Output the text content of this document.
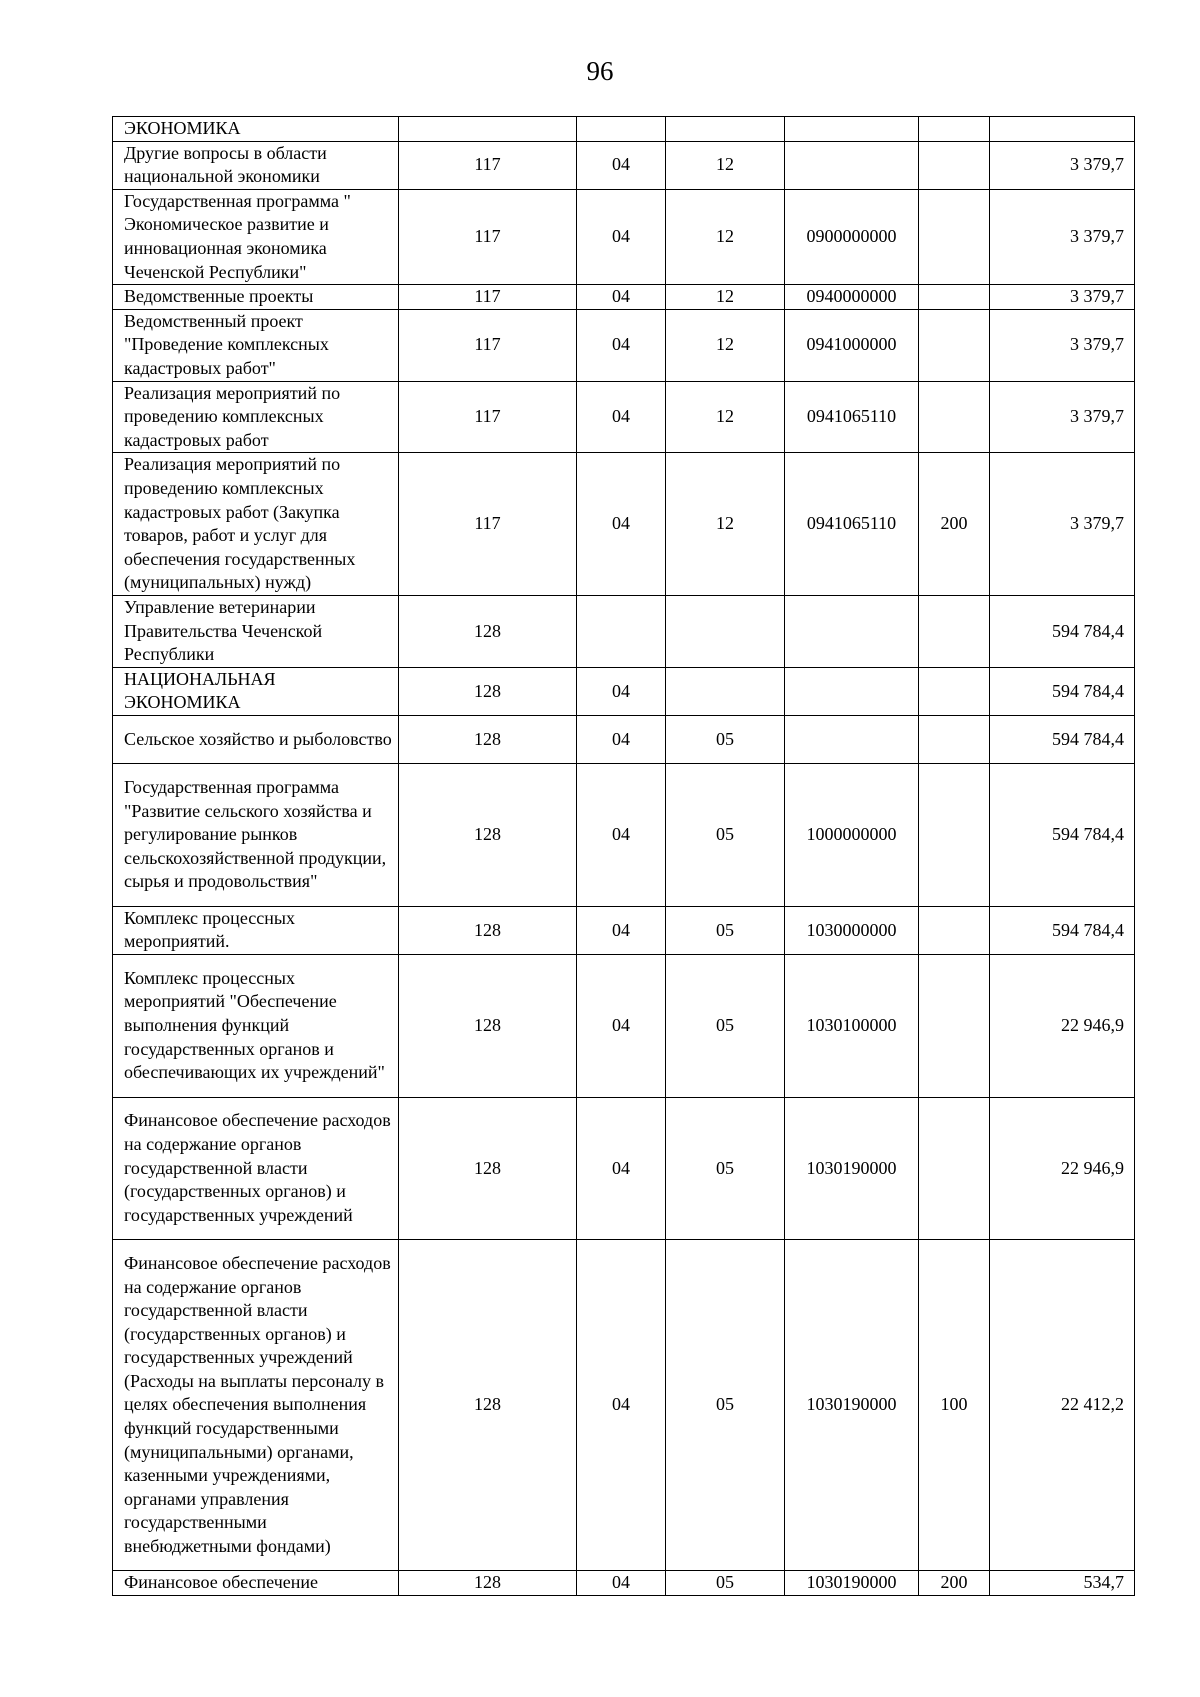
96
ЭКОНОМИКА						
Другие вопросы в области национальной экономики	117	04	12			3 379,7
Государственная программа " Экономическое развитие и инновационная экономика Чеченской Республики"	117	04	12	0900000000		3 379,7
Ведомственные проекты	117	04	12	0940000000		3 379,7
Ведомственный проект "Проведение комплексных кадастровых работ"	117	04	12	0941000000		3 379,7
Реализация мероприятий по проведению комплексных кадастровых работ	117	04	12	0941065110		3 379,7
Реализация мероприятий по проведению комплексных кадастровых работ (Закупка товаров, работ и услуг для обеспечения государственных (муниципальных) нужд)	117	04	12	0941065110	200	3 379,7
Управление ветеринарии Правительства Чеченской Республики	128					594 784,4
НАЦИОНАЛЬНАЯ ЭКОНОМИКА	128	04				594 784,4
Сельское хозяйство и рыболовство	128	04	05			594 784,4
Государственная программа "Развитие сельского хозяйства и регулирование рынков сельскохозяйственной продукции, сырья и продовольствия"	128	04	05	1000000000		594 784,4
Комплекс процессных мероприятий.	128	04	05	1030000000		594 784,4
Комплекс процессных мероприятий "Обеспечение выполнения функций государственных органов и обеспечивающих их учреждений"	128	04	05	1030100000		22 946,9
Финансовое обеспечение расходов на содержание органов государственной власти (государственных органов) и государственных учреждений	128	04	05	1030190000		22 946,9
Финансовое обеспечение расходов на содержание органов государственной власти (государственных органов) и государственных учреждений (Расходы на выплаты персоналу в целях обеспечения выполнения функций государственными (муниципальными) органами, казенными учреждениями, органами управления государственными внебюджетными фондами)	128	04	05	1030190000	100	22 412,2
Финансовое обеспечение	128	04	05	1030190000	200	534,7
